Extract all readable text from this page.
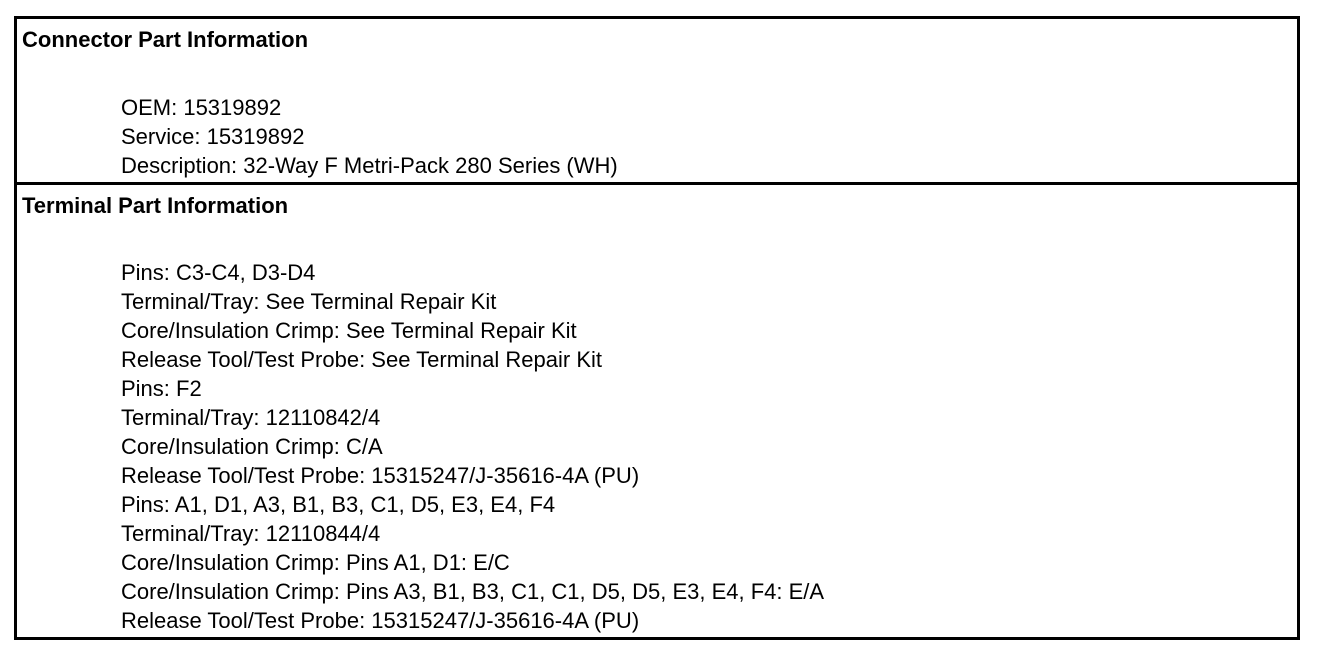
Connector Part Information
OEM: 15319892
Service: 15319892
Description: 32-Way F Metri-Pack 280 Series (WH)
Terminal Part Information
Pins: C3-C4, D3-D4
Terminal/Tray: See Terminal Repair Kit
Core/Insulation Crimp: See Terminal Repair Kit
Release Tool/Test Probe: See Terminal Repair Kit
Pins: F2
Terminal/Tray: 12110842/4
Core/Insulation Crimp: C/A
Release Tool/Test Probe: 15315247/J-35616-4A (PU)
Pins: A1, D1, A3, B1, B3, C1, D5, E3, E4, F4
Terminal/Tray: 12110844/4
Core/Insulation Crimp: Pins A1, D1: E/C
Core/Insulation Crimp: Pins A3, B1, B3, C1, C1, D5, D5, E3, E4, F4: E/A
Release Tool/Test Probe: 15315247/J-35616-4A (PU)
